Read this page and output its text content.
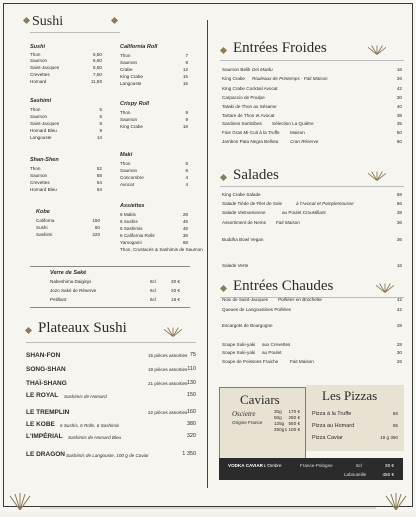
Sushi
Sushi
Thon	5,50
Saumon	6,50
Saint-Jacques	8,50
Crevettes	7,50
Homard	11,50
Sashimi
Thon	5
Saumon	6
Saint-Jacques	8
Homard Bleu	9
Langouste	14
Shan-Shen
Thon	52
Saumon	68
Crevettes	54
Homard Bleu	84
Kobe
Californa	150
Sushi	60
Sashimi	220
California Roll
Thon	7
Saumon	8
Crabe	12
King Crabe	15
Langouste	15
Crispy Roll
Thon	9
Saumon	9
King Crabe	18
Maki
Thon	6
Saumon	6
Concombre	4
Avocat	4
Assiettes
6 Makis	28
6 Sushis	48
6 Sashimis	48
6 California Rolls	38
Yamogami	68
Thon, Crustacés & Sashimis de Saumon
Verre de Saké
Nabeshima Daiginjo	8cl	30 €
Jozo Saké de Réserve	6cl	20 €
Petillant	6cl	18 €
Plateaux Sushi
SHAN-FON	15 pièces assorties 75
SONG-SHAN	19 pièces assorties 110
THAÏ-SHANG	21 pièces assorties 130
LE ROYAL Sashimis de Homard	150
LE TREMPLIN	22 pièces assorties 160
LE KOBE 6 Sushis, 6 Rolls, 6 Sashimis	380
L'IMPÉRIAL Sashimis de Homard Bleu	320
LE DRAGON Sashimis de Langouste, 100 g de Caviar	1 350
Entrées Froides
Saumon Belik Dei Maidu	16
King Crabe Rouleaux de Printemps · Fait Maison	26
King Crabe Cocktail Avocat	42
Carpaccio de Poulpe	30
Tataki de Thon au Sésame	40
Tartare de Thon et Avocat	38
Sardines Sartinibes Sélection La Quiètre	35
Foie Gras Mi-Cuit à la Truffe Maison	50
Jambon Pata Negra Bellota	Cran Réserve	60
Salades
King Crabe Salade	68
Salade Tiède de Filet de Sole	à l'Avocat et Pamplemousse	56
Salade Vietnamienne	au Poulet Croustillant	38
Assortiment de Nems Fait Maison	36
Buddha Bowl Vegan	36
Salade Verte	16
Entrées Chaudes
Noix de Saint-Jacques Poêlées en Brochette	42
Queues de Langoustines Poêlées	42
Escargots de Bourgogne	28
Soupe Suki-yaki aux Crevettes	28
Soupe Suki-yaki au Poulet	30
Soupe de Poissons Fraiche	Fait Maison	26
Caviars
Oscietre
Origine France
30g	170 €
50g	280 €
125g 550 €
250g 1 100 €
Les Pizzas
Pizza à la Truffe	66
Pizza au Homard	65
Pizza Caviar	19 g 350
VODKA CAVIAR L'Ombre	France-Pologne	6cl	30 €
Labouteille	450 €
